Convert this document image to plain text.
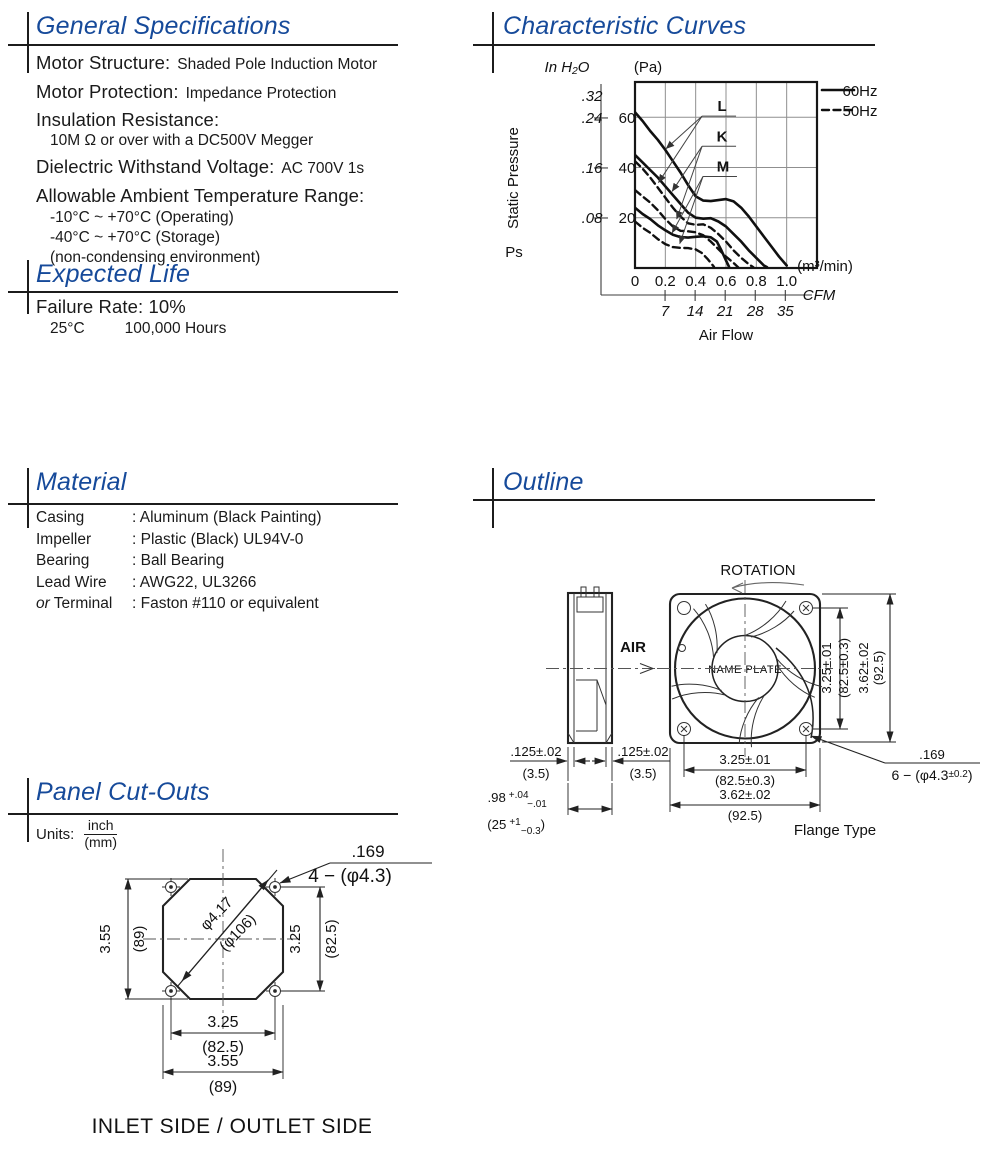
General Specifications
Motor Structure: Shaded Pole Induction Motor
Motor Protection: Impedance Protection
Insulation Resistance:
10M Ω or over with a DC500V Megger
Dielectric Withstand Voltage: AC 700V 1s
Allowable Ambient Temperature Range:
-10°C ~ +70°C (Operating)
-40°C ~ +70°C (Storage)
(non-condensing environment)
Expected Life
Failure Rate: 10%
25°C	100,000 Hours
Characteristic Curves
0 0.2 0.4 0.6 0.8 1.0
(m³/min)
7 14 21 28 35
CFM
Air Flow
.08 20
.16 40
.24 60
.32
In H₂O	(Pa)
Static Pressure
Ps
60Hz
50Hz
L
K
M
Material
Casing	: Aluminum (Black Painting)
Impeller	: Plastic (Black) UL94V-0
Bearing	: Ball Bearing
Lead Wire	: AWG22, UL3266
or Terminal : Faston #110 or equivalent
Outline
AIR
NAME PLATE
ROTATION
.125±.02
(3.5)
.125±.02
(3.5)
.98 $^{+.04}$ −.01
(25 $^{+1}$−0.3)
3.25±.01 (82.5±0.3) 3.62±.02 (92.5)
3.25±.01
(82.5±0.3)
3.62±.02
(92.5)
.169
$6 - (\varphi 4.3^{\pm 0.2})$
Flange Type
Panel Cut-Outs
Units: $\frac{\text{inch}}{(mm)}$
φ4.17
(φ106)
3.55 (89)	3.25 (82.5)
3.25
(82.5)
3.55
(89)
.169
4 − (φ4.3)
INLET SIDE / OUTLET SIDE
